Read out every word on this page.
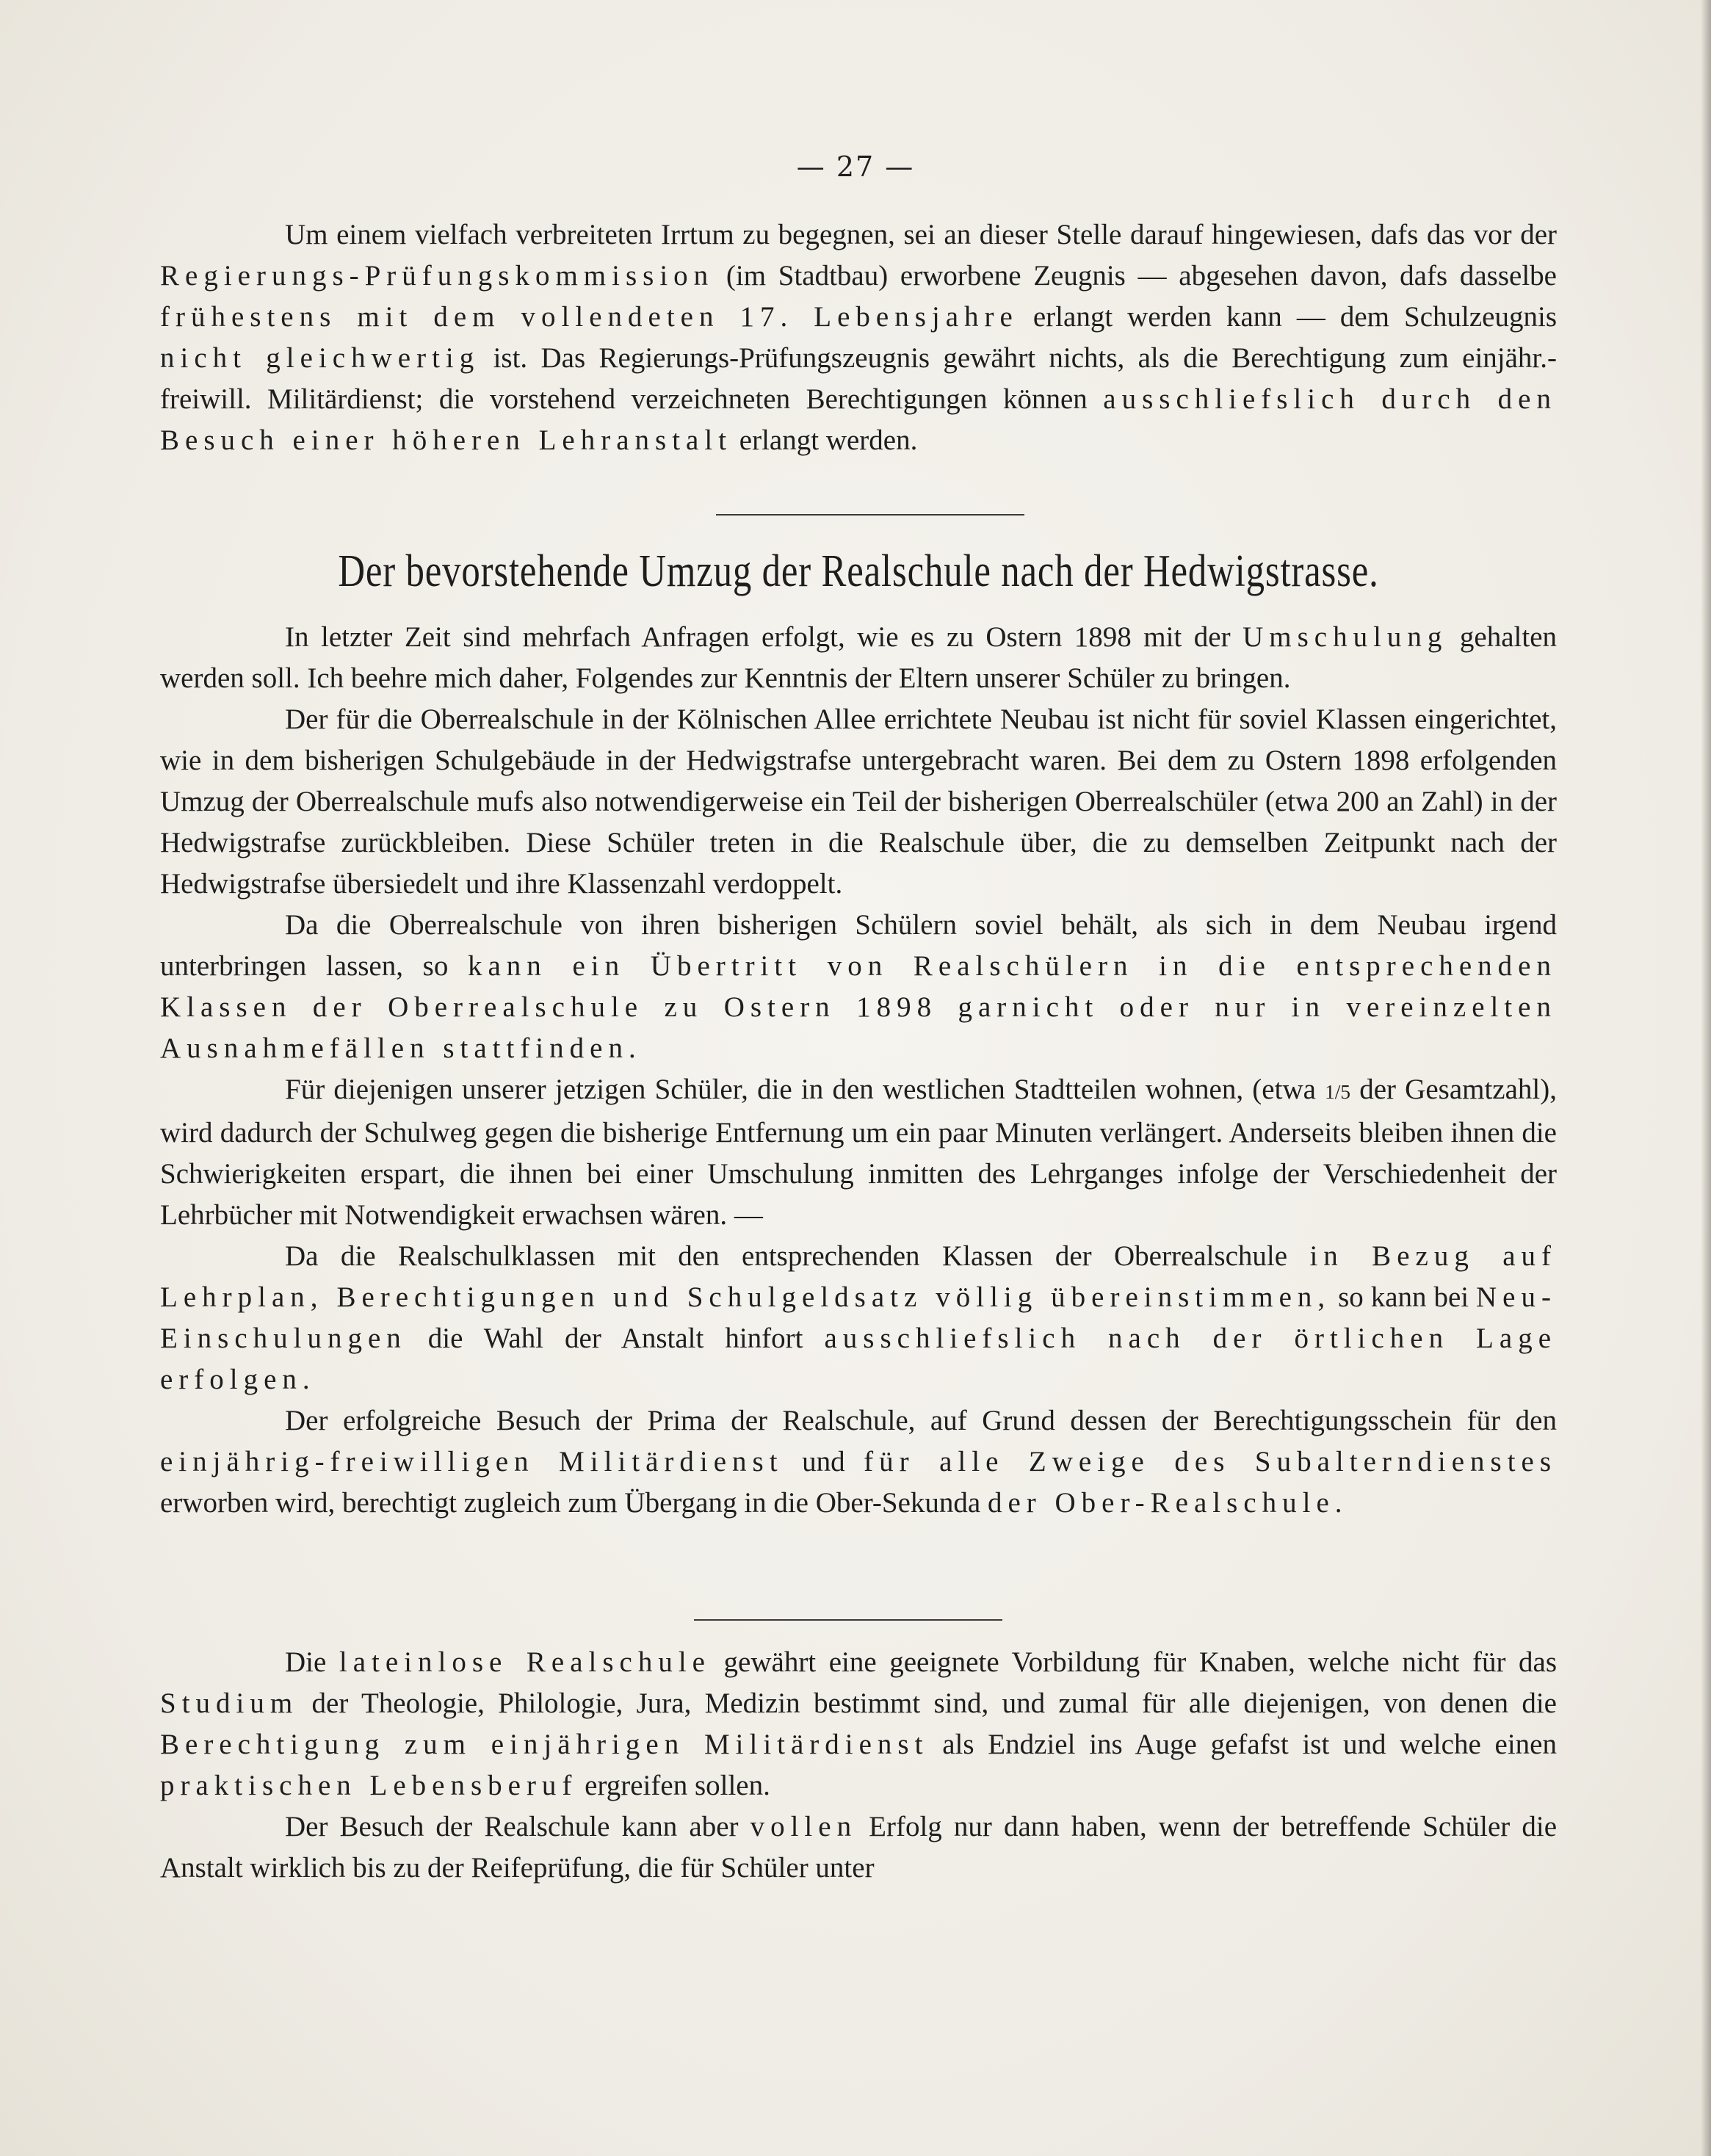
— 27 —

Um einem vielfach verbreiteten Irrtum zu begegnen, sei an dieser Stelle darauf hingewiesen, dafs das vor der Regierungs-Prüfungskommission (im Stadtbau) erworbene Zeugnis — abgesehen davon, dafs dasselbe frühestens mit dem vollendeten 17. Lebensjahre erlangt werden kann — dem Schulzeugnis nicht gleichwertig ist. Das Regierungs-Prüfungszeugnis gewährt nichts, als die Berechtigung zum einjähr.-freiwill. Militärdienst; die vorstehend verzeichneten Berechtigungen können ausschliefslich durch den Besuch einer höheren Lehranstalt erlangt werden.

Der bevorstehende Umzug der Realschule nach der Hedwigstrasse.

In letzter Zeit sind mehrfach Anfragen erfolgt, wie es zu Ostern 1898 mit der Umschulung gehalten werden soll. Ich beehre mich daher, Folgendes zur Kenntnis der Eltern unserer Schüler zu bringen.

Der für die Oberrealschule in der Kölnischen Allee errichtete Neubau ist nicht für soviel Klassen eingerichtet, wie in dem bisherigen Schulgebäude in der Hedwigstrafse untergebracht waren. Bei dem zu Ostern 1898 erfolgenden Umzug der Oberrealschule mufs also notwendigerweise ein Teil der bisherigen Oberrealschüler (etwa 200 an Zahl) in der Hedwigstrafse zurückbleiben. Diese Schüler treten in die Realschule über, die zu demselben Zeitpunkt nach der Hedwigstrafse übersiedelt und ihre Klassenzahl verdoppelt.

Da die Oberrealschule von ihren bisherigen Schülern soviel behält, als sich in dem Neubau irgend unterbringen lassen, so kann ein Übertritt von Realschülern in die entsprechenden Klassen der Oberrealschule zu Ostern 1898 garnicht oder nur in vereinzelten Ausnahmefällen stattfinden.

Für diejenigen unserer jetzigen Schüler, die in den westlichen Stadtteilen wohnen, (etwa 1/5 der Gesamtzahl), wird dadurch der Schulweg gegen die bisherige Entfernung um ein paar Minuten verlängert. Anderseits bleiben ihnen die Schwierigkeiten erspart, die ihnen bei einer Umschulung inmitten des Lehrganges infolge der Verschiedenheit der Lehrbücher mit Notwendigkeit erwachsen wären. —

Da die Realschulklassen mit den entsprechenden Klassen der Oberrealschule in Bezug auf Lehrplan, Berechtigungen und Schulgeldsatz völlig übereinstimmen, so kann bei Neu-Einschulungen die Wahl der Anstalt hinfort ausschliefslich nach der örtlichen Lage erfolgen.

Der erfolgreiche Besuch der Prima der Realschule, auf Grund dessen der Berechtigungsschein für den einjährig-freiwilligen Militärdienst und für alle Zweige des Subalterndienstes erworben wird, berechtigt zugleich zum Übergang in die Ober-Sekunda der Ober-Realschule.

Die lateinlose Realschule gewährt eine geeignete Vorbildung für Knaben, welche nicht für das Studium der Theologie, Philologie, Jura, Medizin bestimmt sind, und zumal für alle diejenigen, von denen die Berechtigung zum einjährigen Militärdienst als Endziel ins Auge gefafst ist und welche einen praktischen Lebensberuf ergreifen sollen.

Der Besuch der Realschule kann aber vollen Erfolg nur dann haben, wenn der betreffende Schüler die Anstalt wirklich bis zu der Reifeprüfung, die für Schüler unter
